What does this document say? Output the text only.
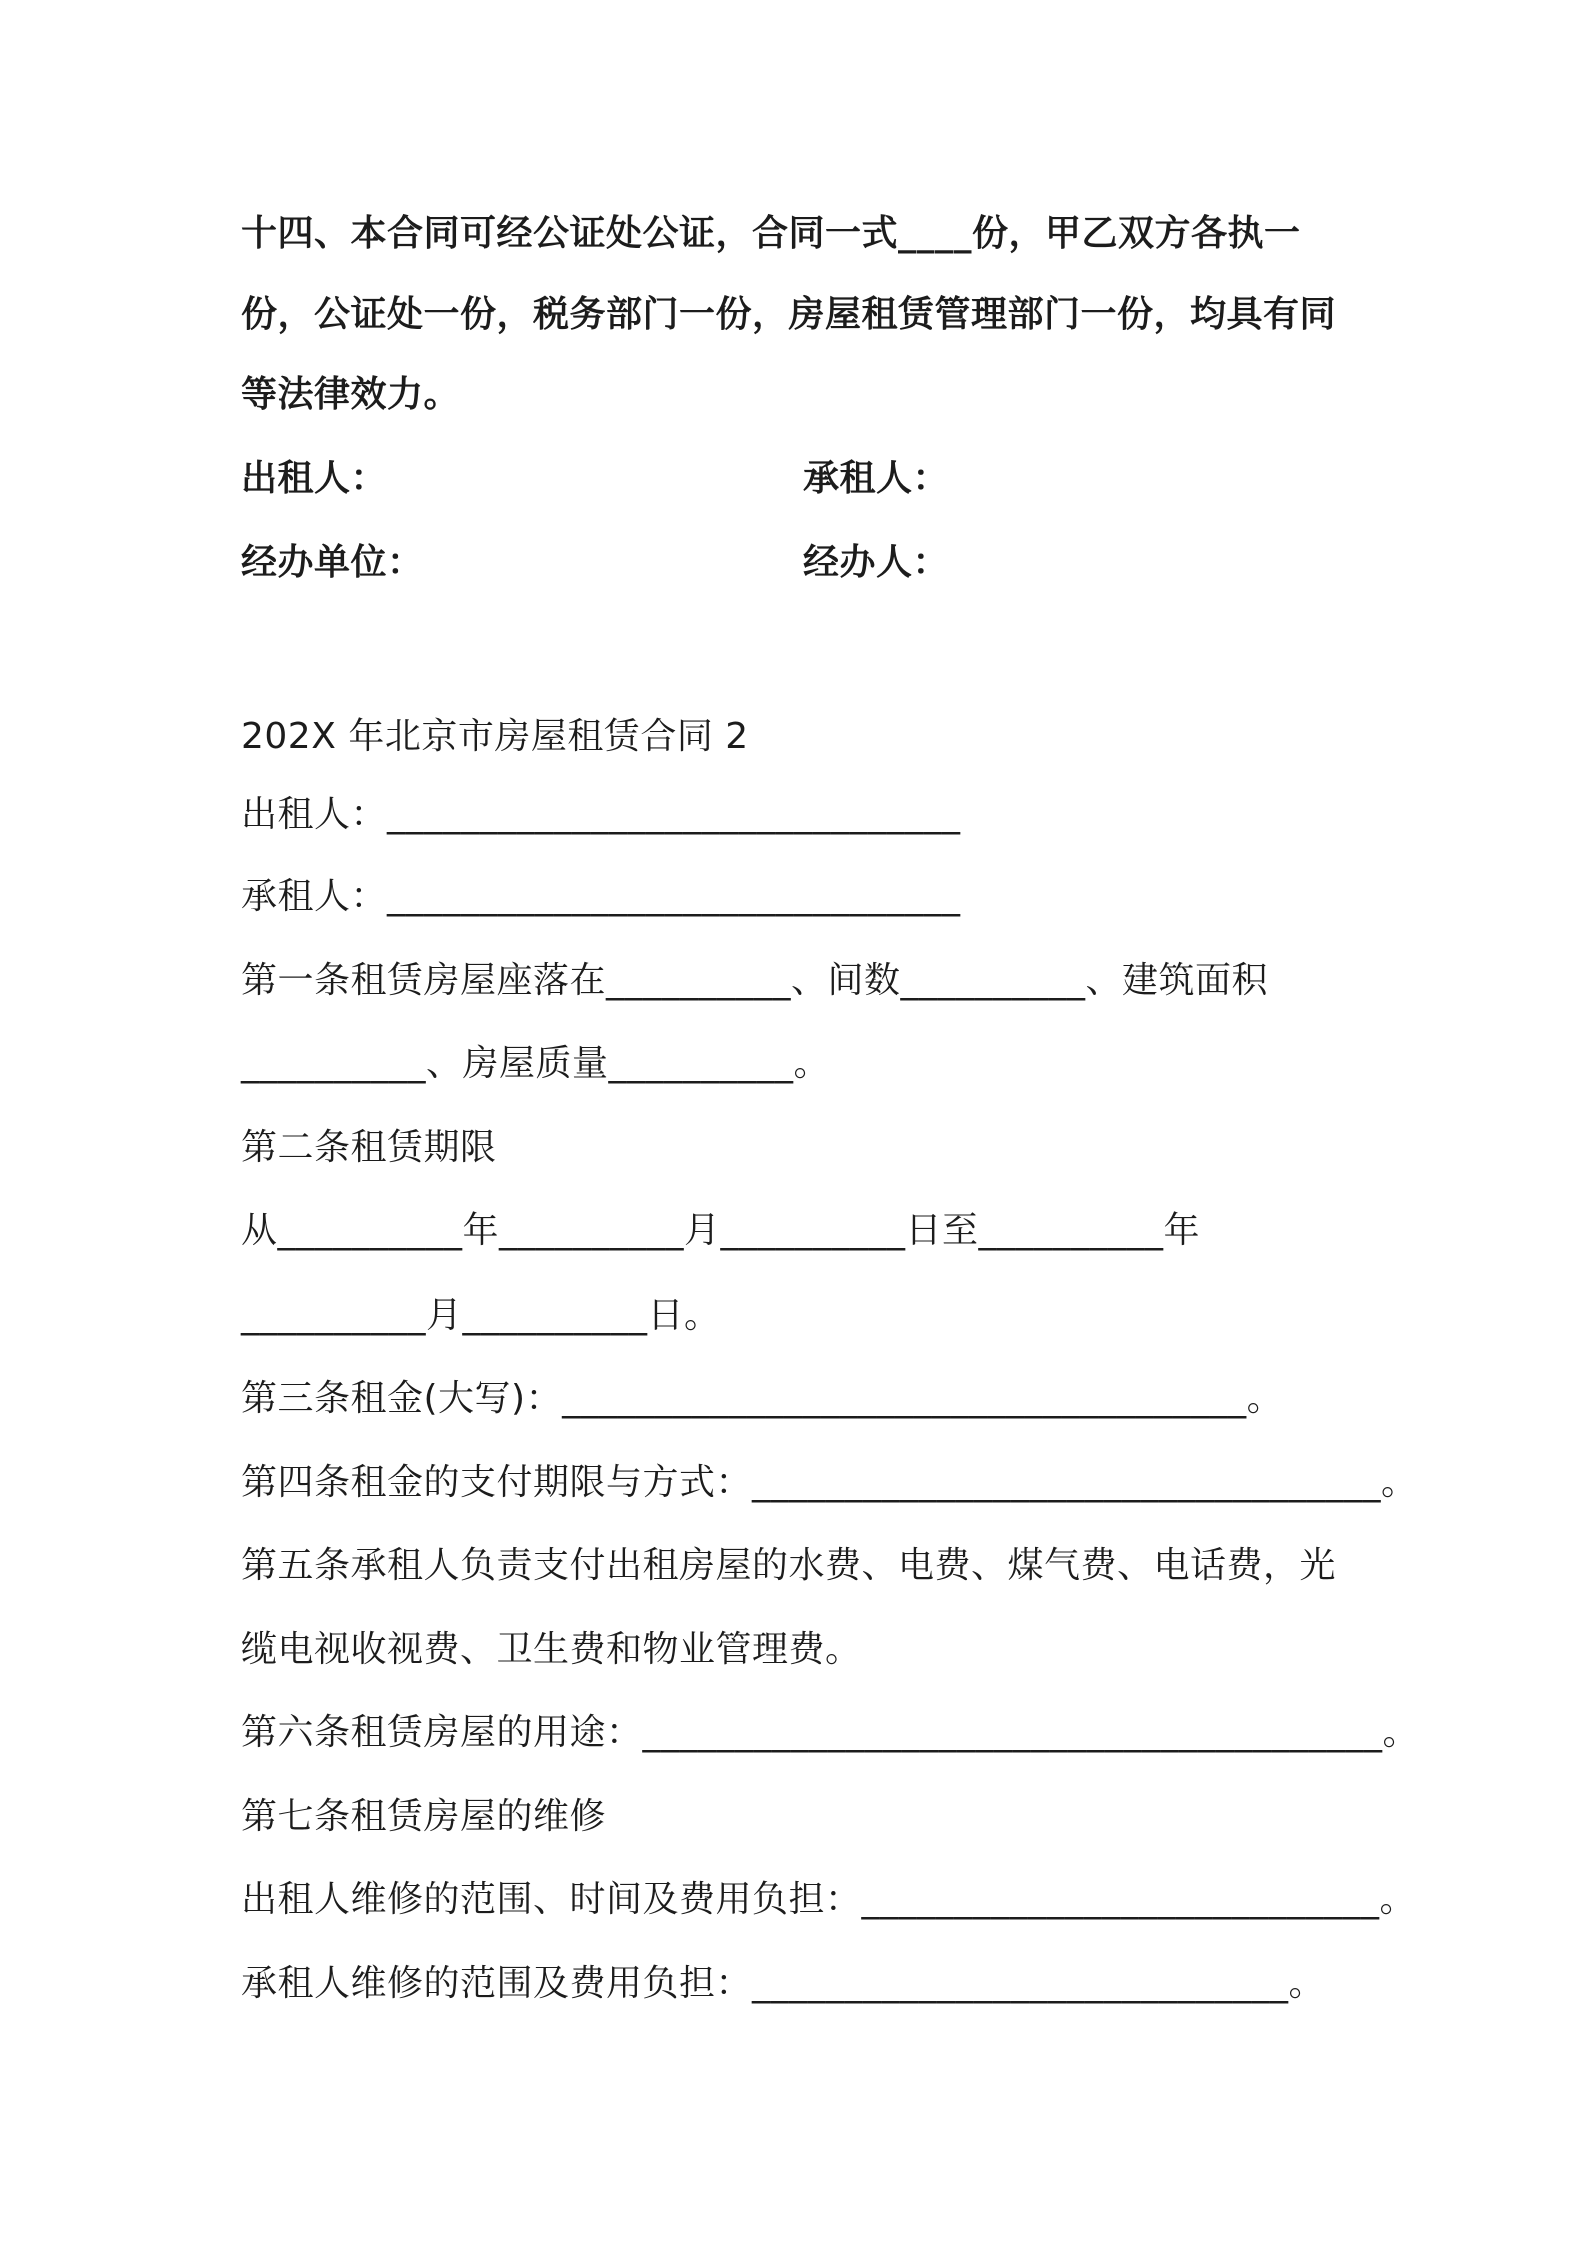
十四、本合同可经公证处公证，合同一式____份，甲乙双方各执一
份，公证处一份，税务部门一份，房屋租赁管理部门一份，均具有同
等法律效力。
出租人：	承租人：
经办单位：	经办人：
202X 年北京市房屋租赁合同 2
出租人：_______________________________
承租人：_______________________________
第一条租赁房屋座落在__________、间数__________、建筑面积
__________、房屋质量__________。
第二条租赁期限
从__________年__________月__________日至__________年
__________月__________日。
第三条租金(大写)：_____________________________________。
第四条租金的支付期限与方式：__________________________________。
第五条承租人负责支付出租房屋的水费、电费、煤气费、电话费，光
缆电视收视费、卫生费和物业管理费。
第六条租赁房屋的用途：________________________________________。
第七条租赁房屋的维修
出租人维修的范围、时间及费用负担：____________________________。
承租人维修的范围及费用负担：_____________________________。
